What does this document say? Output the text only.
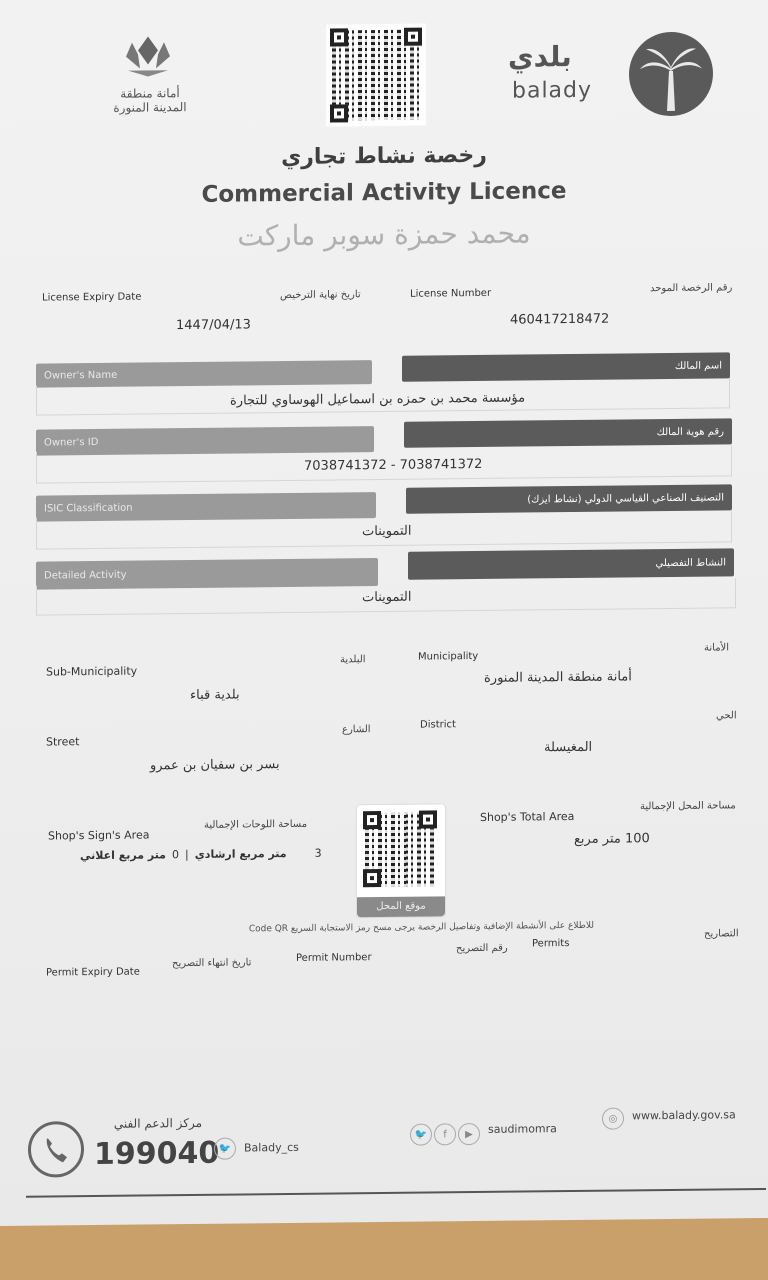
أمانة منطقة
المدينة المنورة
بلدي
balady
رخصة نشاط تجاري
Commercial Activity Licence
محمد حمزة سوبر ماركت
License Expiry Date	تاريخ نهاية الترخيص
1447/04/13
License Number	رقم الرخصة الموحد
460417218472
Owner's Name
اسم المالك
مؤسسة محمد بن حمزه بن اسماعيل الهوساوي للتجارة
Owner's ID
رقم هوية المالك
7038741372 - 7038741372
ISIC Classification
التصنيف الصناعي القياسي الدولي (نشاط ايزك)
التموينات
Detailed Activity
النشاط التفصيلي
التموينات
Sub-Municipality
البلدية
بلدية قباء
Municipality
الأمانة
أمانة منطقة المدينة المنورة
Street
الشارع
بسر بن سفيان بن عمرو
District
الحي
المغيسلة
Shop's Sign's Area
مساحة اللوحات الإجمالية
متر مربع اعلاني 0 | متر مربع ارشادي	3
موقع المحل
Shop's Total Area
مساحة المحل الإجمالية
100 متر مربع
للاطلاع على الأنشطة الإضافية وتفاصيل الرخصة يرجى مسح رمز الاستجابة السريع Code QR	التصاريح
Permits
رقم التصريح
Permit Number
تاريخ انتهاء التصريح
Permit Expiry Date
مركز الدعم الفني
199040 🐦	Balady_cs
🐦	f	▶	saudimomra
◎	www.balady.gov.sa
